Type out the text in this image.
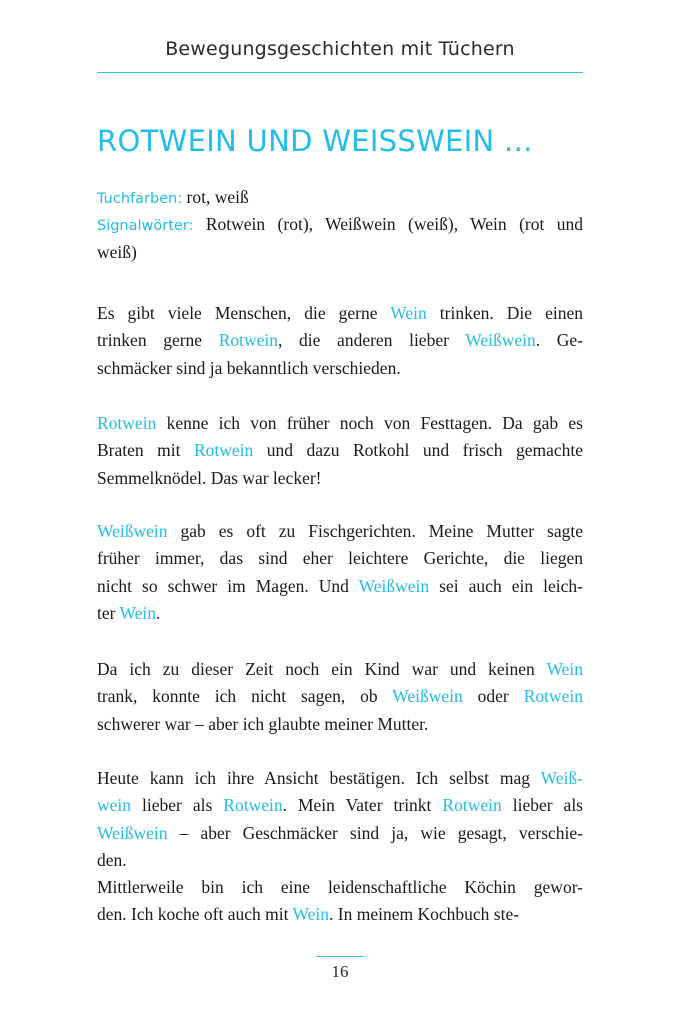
Bewegungsgeschichten mit Tüchern
ROTWEIN UND WEISSWEIN ...
Tuchfarben: rot, weiß
Signalwörter: Rotwein (rot), Weißwein (weiß), Wein (rot und
weiß)
Es gibt viele Menschen, die gerne Wein trinken. Die einen
trinken gerne Rotwein, die anderen lieber Weißwein. Ge-
schmäcker sind ja bekanntlich verschieden.
Rotwein kenne ich von früher noch von Festtagen. Da gab es
Braten mit Rotwein und dazu Rotkohl und frisch gemachte
Semmelknödel. Das war lecker!
Weißwein gab es oft zu Fischgerichten. Meine Mutter sagte
früher immer, das sind eher leichtere Gerichte, die liegen
nicht so schwer im Magen. Und Weißwein sei auch ein leich-
ter Wein.
Da ich zu dieser Zeit noch ein Kind war und keinen Wein
trank, konnte ich nicht sagen, ob Weißwein oder Rotwein
schwerer war – aber ich glaubte meiner Mutter.
Heute kann ich ihre Ansicht bestätigen. Ich selbst mag Weiß-
wein lieber als Rotwein. Mein Vater trinkt Rotwein lieber als
Weißwein – aber Geschmäcker sind ja, wie gesagt, verschie-
den.
Mittlerweile bin ich eine leidenschaftliche Köchin gewor-
den. Ich koche oft auch mit Wein. In meinem Kochbuch ste-
16
